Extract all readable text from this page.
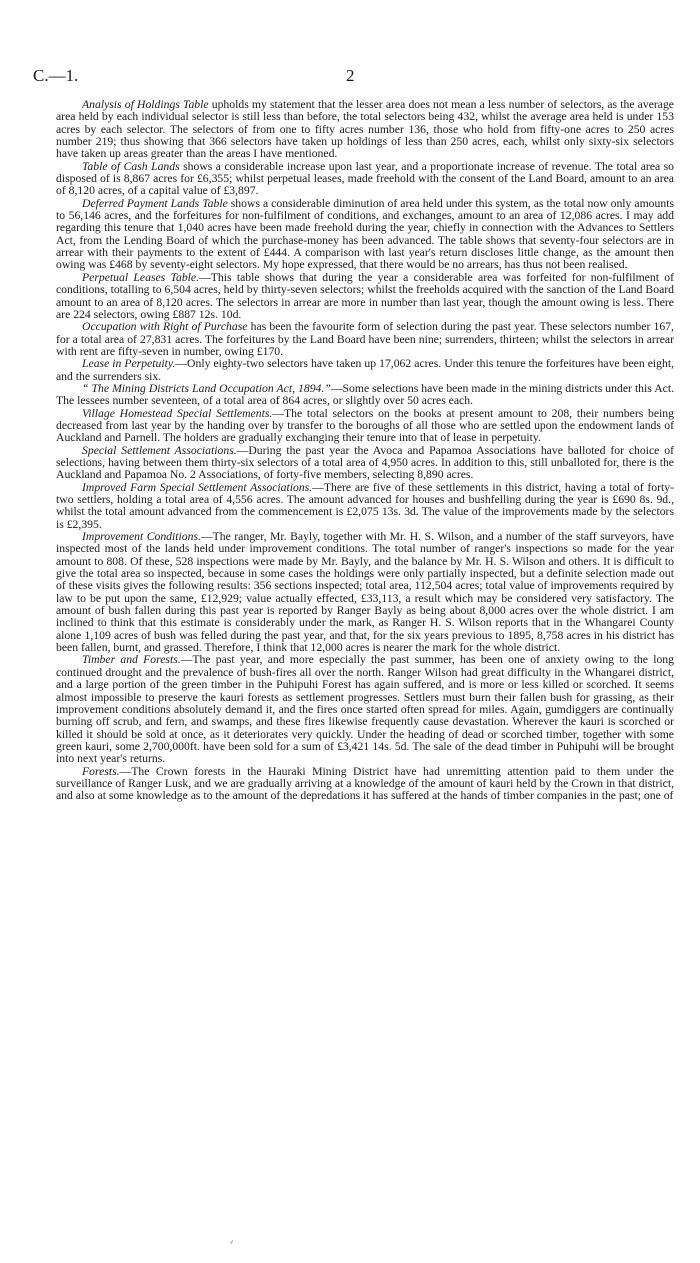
C.—1.	2

Analysis of Holdings Table upholds my statement that the lesser area does not mean a less number of selectors, as the average area held by each individual selector is still less than before, the total selectors being 432, whilst the average area held is under 153 acres by each selector. The selectors of from one to fifty acres number 136, those who hold from fifty-one acres to 250 acres number 219; thus showing that 366 selectors have taken up holdings of less than 250 acres, each, whilst only sixty-six selectors have taken up areas greater than the areas I have mentioned.

Table of Cash Lands shows a considerable increase upon last year, and a proportionate increase of revenue. The total area so disposed of is 8,867 acres for £6,355; whilst perpetual leases, made freehold with the consent of the Land Board, amount to an area of 8,120 acres, of a capital value of £3,897.

Deferred Payment Lands Table shows a considerable diminution of area held under this system, as the total now only amounts to 56,146 acres, and the forfeitures for non-fulfilment of conditions, and exchanges, amount to an area of 12,086 acres. I may add regarding this tenure that 1,040 acres have been made freehold during the year, chiefly in connection with the Advances to Settlers Act, from the Lending Board of which the purchase-money has been advanced. The table shows that seventy-four selectors are in arrear with their payments to the extent of £444. A comparison with last year's return discloses little change, as the amount then owing was £468 by seventy-eight selectors. My hope expressed, that there would be no arrears, has thus not been realised.

Perpetual Leases Table.—This table shows that during the year a considerable area was forfeited for non-fulfilment of conditions, totalling to 6,504 acres, held by thirty-seven selectors; whilst the freeholds acquired with the sanction of the Land Board amount to an area of 8,120 acres. The selectors in arrear are more in number than last year, though the amount owing is less. There are 224 selectors, owing £887 12s. 10d.

Occupation with Right of Purchase has been the favourite form of selection during the past year. These selectors number 167, for a total area of 27,831 acres. The forfeitures by the Land Board have been nine; surrenders, thirteen; whilst the selectors in arrear with rent are fifty-seven in number, owing £170.

Lease in Perpetuity.—Only eighty-two selectors have taken up 17,062 acres. Under this tenure the forfeitures have been eight, and the surrenders six.

“ The Mining Districts Land Occupation Act, 1894.”—Some selections have been made in the mining districts under this Act. The lessees number seventeen, of a total area of 864 acres, or slightly over 50 acres each.

Village Homestead Special Settlements.—The total selectors on the books at present amount to 208, their numbers being decreased from last year by the handing over by transfer to the boroughs of all those who are settled upon the endowment lands of Auckland and Parnell. The holders are gradually exchanging their tenure into that of lease in perpetuity.

Special Settlement Associations.—During the past year the Avoca and Papamoa Associations have balloted for choice of selections, having between them thirty-six selectors of a total area of 4,950 acres. In addition to this, still unballoted for, there is the Auckland and Papamoa No. 2 Associations, of forty-five members, selecting 8,890 acres.

Improved Farm Special Settlement Associations.—There are five of these settlements in this district, having a total of forty-two settlers, holding a total area of 4,556 acres. The amount advanced for houses and bushfelling during the year is £690 8s. 9d., whilst the total amount advanced from the commencement is £2,075 13s. 3d. The value of the improvements made by the selectors is £2,395.

Improvement Conditions.—The ranger, Mr. Bayly, together with Mr. H. S. Wilson, and a number of the staff surveyors, have inspected most of the lands held under improvement conditions. The total number of ranger's inspections so made for the year amount to 808. Of these, 528 inspections were made by Mr. Bayly, and the balance by Mr. H. S. Wilson and others. It is difficult to give the total area so inspected, because in some cases the holdings were only partially inspected, but a definite selection made out of these visits gives the following results: 356 sections inspected; total area, 112,504 acres; total value of improvements required by law to be put upon the same, £12,929; value actually effected, £33,113, a result which may be considered very satisfactory. The amount of bush fallen during this past year is reported by Ranger Bayly as being about 8,000 acres over the whole district. I am inclined to think that this estimate is considerably under the mark, as Ranger H. S. Wilson reports that in the Whangarei County alone 1,109 acres of bush was felled during the past year, and that, for the six years previous to 1895, 8,758 acres in his district has been fallen, burnt, and grassed. Therefore, I think that 12,000 acres is nearer the mark for the whole district.

Timber and Forests.—The past year, and more especially the past summer, has been one of anxiety owing to the long continued drought and the prevalence of bush-fires all over the north. Ranger Wilson had great difficulty in the Whangarei district, and a large portion of the green timber in the Puhipuhi Forest has again suffered, and is more or less killed or scorched. It seems almost impossible to preserve the kauri forests as settlement progresses. Settlers must burn their fallen bush for grassing, as their improvement conditions absolutely demand it, and the fires once started often spread for miles. Again, gumdiggers are continually burning off scrub, and fern, and swamps, and these fires likewise frequently cause devastation. Wherever the kauri is scorched or killed it should be sold at once, as it deteriorates very quickly. Under the heading of dead or scorched timber, together with some green kauri, some 2,700,000ft. have been sold for a sum of £3,421 14s. 5d. The sale of the dead timber in Puhipuhi will be brought into next year's returns.

Forests.—The Crown forests in the Hauraki Mining District have had unremitting attention paid to them under the surveillance of Ranger Lusk, and we are gradually arriving at a knowledge of the amount of kauri held by the Crown in that district, and also at some knowledge as to the amount of the depredations it has suffered at the hands of timber companies in the past; one of
